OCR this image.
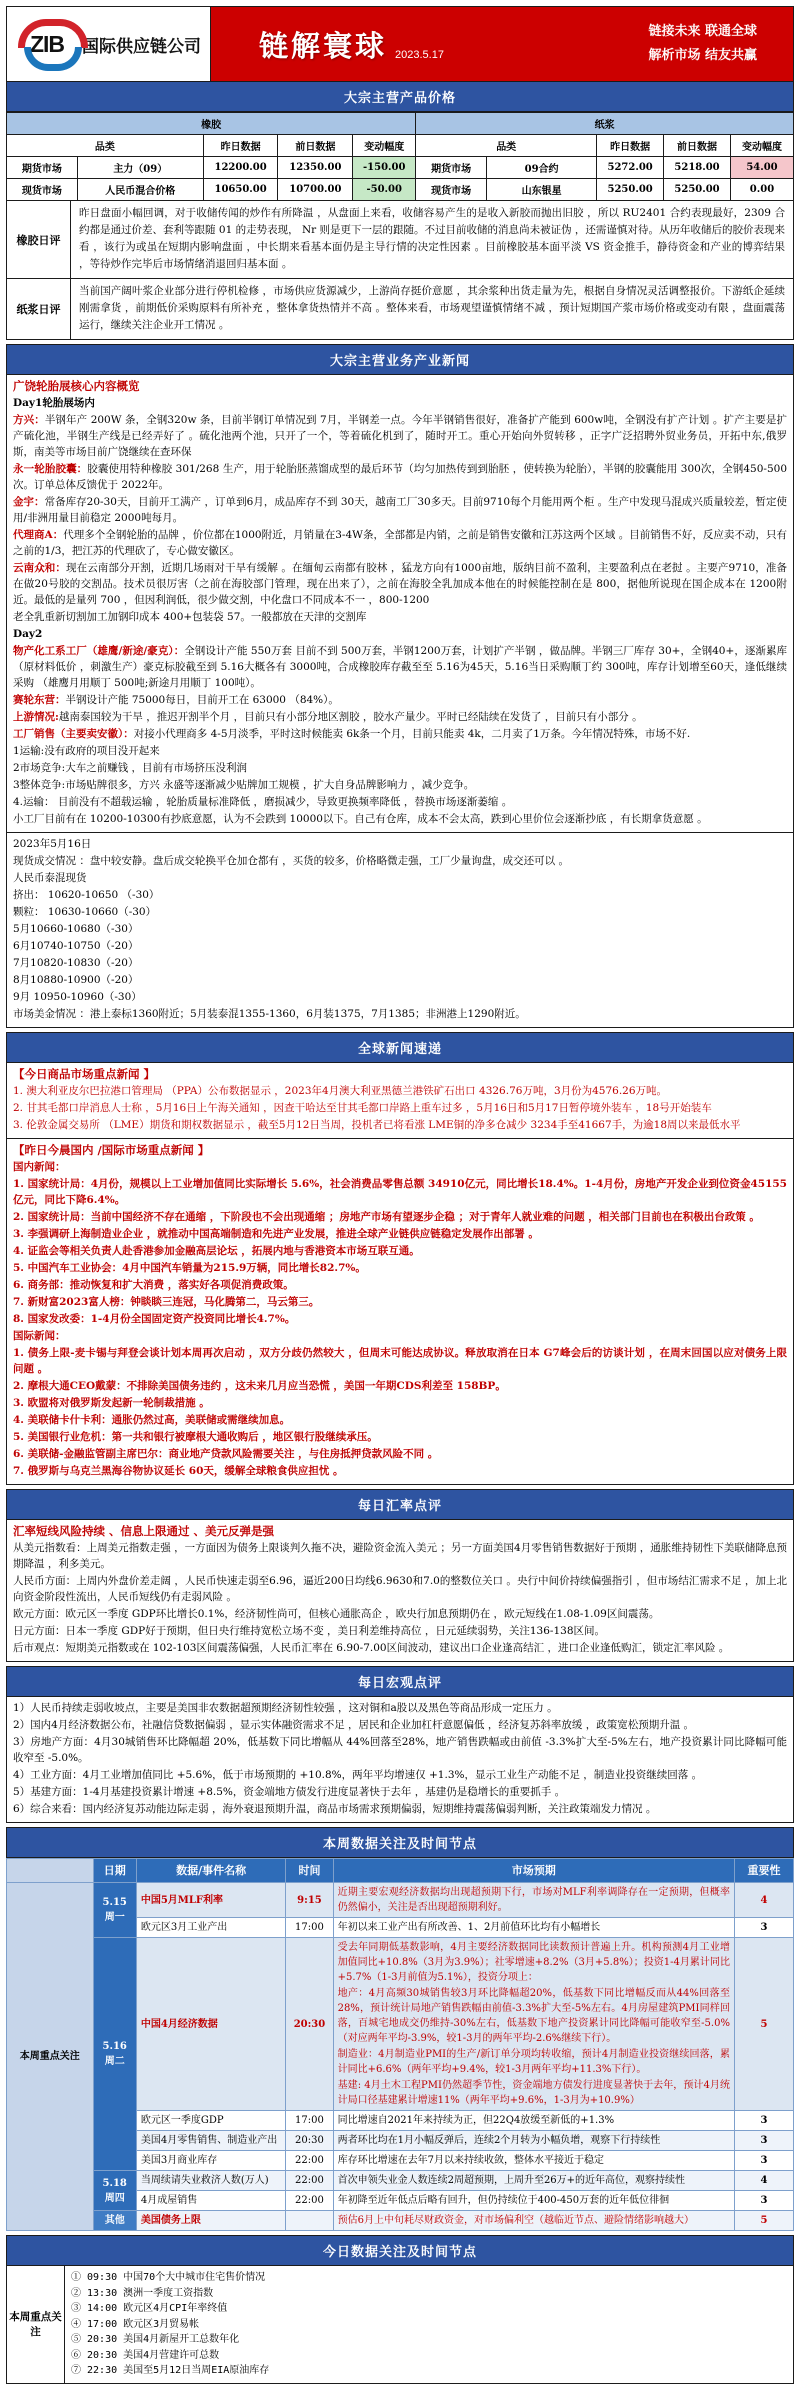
ZIB	国际供应链公司 链解寰球 2023.5.17
链接未来 联通全球
解析市场 结友共赢
大宗主营产品价格
橡胶					纸浆				
品类		昨日数据	前日数据	变动幅度	品类		昨日数据	前日数据	变动幅度
期货市场	主力（09）	12200.00	12350.00	-150.00	期货市场	09合约	5272.00	5218.00	54.00
现货市场	人民币混合价格	10650.00	10700.00	-50.00	现货市场	山东银星	5250.00	5250.00	0.00
橡胶日评
昨日盘面小幅回调，对于收储传闻的炒作有所降温 ，从盘面上来看，收储容易产生的是收入新胶而抛出旧胶 ，所以 RU2401 合约表现最好，2309 合约都是通过价差、套利等跟随 01 的走势表现， Nr 则是更下一层的跟随。不过目前收储的消息尚未被证伪 ，还需谨慎对待。从历年收储后的胶价表现来看 ，该行为或虽在短期内影响盘面 ，中长期来看基本面仍是主导行情的决定性因素 。目前橡胶基本面平淡 VS 资金推手，静待资金和产业的博弈结果 ，等待炒作完毕后市场情绪消退回归基本面 。
纸浆日评
当前国产阔叶浆企业部分进行停机检修 ，市场供应货源减少，上游尚存挺价意愿 ，其余浆种出货走量为先，根据自身情况灵活调整报价。下游纸企延续刚需拿货 ，前期低价采购原料有所补充 ，整体拿货热情并不高 。整体来看，市场观望谨慎情绪不减 ，预计短期国产浆市场价格或变动有限 ，盘面震荡运行，继续关注企业开工情况 。
大宗主营业务产业新闻

广饶轮胎展核心内容概览

Day1轮胎展场内

方兴：半钢年产 200W 条，全钢320w 条，目前半钢订单情况到 7月，半钢差一点。今年半钢销售很好，准备扩产能到 600w吨，全钢没有扩产计划 。扩产主要是扩产硫化池，半钢生产线是已经弄好了 。硫化池两个池，只开了一个，等着硫化机到了，随时开工。重心开始向外贸转移 ，正字广泛招聘外贸业务员，开拓中东,俄罗斯，南美等市场目前广饶继续在查环保

永一轮胎胶囊：胶囊使用特种橡胶 301/268 生产，用于轮胎胚蒸馏成型的最后环节（均匀加热传到到胎胚 ，使转换为轮胎），半钢的胶囊能用 300次，全钢450-500次。订单总体反馈优于 2022年。

金宇：常备库存20-30天，目前开工满产 ，订单到6月，成品库存不到 30天，越南工厂30多天。目前9710每个月能用两个柜 。生产中发现马混成兴质量较差，暂定使用/非洲用量目前稳定 2000吨每月。

代理商A：代理多个全钢轮胎的品牌 ，价位都在1000附近，月销量在3-4W条，全部都是内销，之前是销售安徽和江苏这两个区域 。目前销售不好，反应卖不动，只有之前的1/3，把江苏的代理砍了，专心做安徽区。

云南众和：现在云南部分开割，近期几场雨对干旱有缓解 。在缅甸云南都有胶林 ，猛龙方向有1000亩地，版纳目前不盈利，主要盈利点在老挝 。主要产9710，准备在做20号胶的交割品。技术员很厉害（之前在海胶部门管理，现在出来了），之前在海胶全乳加成本他在的时候能控制在是 800，据他所说现在国企成本在 1200附近。最低的是量列 700 ，但因利润低，很少做交割，中化盘口不同成本不一 ，800-1200

老全乳重新切割加工加钢印成本 400+包装袋 57。一般都放在天津的交割库

Day2

物产化工系工厂（雄鹰/新途/豪克）：全钢设计产能 550万套 目前不到 500万套，半钢1200万套，计划扩产半钢 ，做品牌。半钢三厂库存 30+，全钢40+，逐渐累库（原材料低价 ，刺激生产）豪克标胶截至到 5.16大概各有 3000吨，合成橡胶库存截至至 5.16为45天，5.16当日采购顺丁约 300吨，库存计划增至60天，逢低继续采购 （雄鹰月用顺丁 500吨;新途月用顺丁 100吨）。

赛轮东营：半钢设计产能 75000每日，目前开工在 63000 （84%）。

上游情况:越南泰国较为干旱 ，推迟开割半个月 ，目前只有小部分地区割胶 ，胶水产量少。平时已经陆续在发货了 ，目前只有小部分 。

工厂销售（主要卖安徽）：对接小代理商多 4-5月淡季，平时这时候能卖 6k条一个月，目前只能卖 4k，二月卖了1万条。今年情况特殊，市场不好.

1运输:没有政府的项目没开起来

2市场竞争:大车之前赚钱 ，目前有市场挤压没利润

3整体竞争:市场贴牌很多，方兴 永盛等逐渐减少贴牌加工规模 ，扩大自身品牌影响力 ，减少竞争。

4.运输： 目前没有不超载运输 ，轮胎质量标准降低 ，磨损减少，导致更换频率降低 ，替换市场逐渐萎缩 。

小工厂目前有在 10200-10300有抄底意愿，认为不会跌到 10000以下。自己有仓库，成本不会太高，跌到心里价位会逐渐抄底 ，有长期拿货意愿 。

2023年5月16日

现货成交情况 ：盘中较安静。盘后成交轮换平仓加仓都有 ，买货的较多，价格略微走强，工厂少量询盘，成交还可以 。

人民币泰混现货

挤出： 10620-10650 （-30）

颗粒： 10630-10660（-30）

5月10660-10680（-30）

6月10740-10750（-20）

7月10820-10830（-20）

8月10880-10900（-20）

9月 10950-10960（-30）

市场美金情况 ：港上泰标1360附近；5月装泰混1355-1360，6月装1375，7月1385；非洲港上1290附近。

全球新闻速递

【今日商品市场重点新闻 】

1. 澳大利亚皮尔巴拉港口管理局 （PPA）公布数据显示 ，2023年4月澳大利亚黑德兰港铁矿石出口 4326.76万吨，3月份为4576.26万吨。

2. 甘其毛都口岸消息人士称 ，5月16日上午海关通知 ，因查干哈达至甘其毛都口岸路上重车过多 ，5月16日和5月17日暂停境外装车 ，18号开始装车

3. 伦敦金属交易所 （LME）期货和期权数据显示 ，截至5月12日当周，投机者已将看涨 LME铜的净多仓减少 3234手至41667手，为逾18周以来最低水平

【昨日今晨国内 /国际市场重点新闻 】

国内新闻：

1. 国家统计局：4月份，规模以上工业增加值同比实际增长 5.6%，社会消费品零售总额 34910亿元，同比增长18.4%。1-4月份，房地产开发企业到位资金45155亿元，同比下降6.4%。

2. 国家统计局：当前中国经济不存在通缩 ，下阶段也不会出现通缩 ；房地产市场有望逐步企稳 ；对于青年人就业难的问题 ，相关部门目前也在积极出台政策 。

3. 李强调研上海制造业企业 ，就推动中国高端制造和先进产业发展，推进全球产业链供应链稳定发展作出部署 。

4. 证监会等相关负责人赴香港参加金融高层论坛 ，拓展内地与香港资本市场互联互通。

5. 中国汽车工业协会：4月中国汽车销量为215.9万辆，同比增长82.7%。

6. 商务部：推动恢复和扩大消费 ，落实好各项促消费政策。

7. 新财富2023富人榜：钟睒睒三连冠，马化腾第二，马云第三。

8. 国家发改委：1-4月份全国固定资产投资同比增长4.7%。

国际新闻：

1. 债务上限-麦卡锡与拜登会谈计划本周再次启动 ，双方分歧仍然较大 ，但周末可能达成协议。释放取消在日本 G7峰会后的访谈计划 ，在周末回国以应对债务上限问题 。

2. 摩根大通CEO戴蒙：不排除美国债务违约 ，这未来几月应当恐慌 ，美国一年期CDS利差至 158BP。

3. 欧盟将对俄罗斯发起新一轮制裁措施 。

4. 美联储卡什卡利：通胀仍然过高，美联储或需继续加息。

5. 美国银行业危机：第一共和银行被摩根大通收购后 ，地区银行股继续承压。

6. 美联储-金融监管副主席巴尔：商业地产贷款风险需要关注 ，与住房抵押贷款风险不同 。

7. 俄罗斯与乌克兰黑海谷物协议延长 60天，缓解全球粮食供应担忧 。

每日汇率点评

汇率短线风险持续 、信息上限通过 、美元反弹是强

从美元指数看：上周美元指数走强 ，一方面因为债务上限谈判久拖不决，避险资金流入美元 ；另一方面美国4月零售销售数据好于预期 ，通胀维持韧性下美联储降息预期降温 ，利多美元。

人民币方面：上周内外盘价差走阔 ，人民币快速走弱至6.96，逼近200日均线6.9630和7.0的整数位关口 。央行中间价持续偏强指引 ，但市场结汇需求不足 ，加上北向资金阶段性流出，人民币短线仍有走弱风险 。

欧元方面：欧元区一季度 GDP环比增长0.1%，经济韧性尚可，但核心通胀高企 ，欧央行加息预期仍在 ，欧元短线在1.08-1.09区间震荡。

日元方面：日本一季度 GDP好于预期，但日央行维持宽松立场不变 ，美日利差维持高位 ，日元延续弱势，关注136-138区间。

后市观点：短期美元指数或在 102-103区间震荡偏强，人民币汇率在 6.90-7.00区间波动，建议出口企业逢高结汇 ，进口企业逢低购汇，锁定汇率风险 。

每日宏观点评

1）人民币持续走弱收坡点，主要是美国非农数据超预期经济韧性较强 ，这对铜和a股以及黑色等商品形成一定压力 。

2）国内4月经济数据公布，社融信贷数据偏弱 ，显示实体融资需求不足 ，居民和企业加杠杆意愿偏低 ，经济复苏斜率放缓 ，政策宽松预期升温 。

3）房地产方面：4月30城销售环比降幅超 20%，低基数下同比增幅从 44%回落至28%，地产销售跌幅或由前值 -3.3%扩大至-5%左右，地产投资累计同比降幅可能收窄至 -5.0%。

4）工业方面：4月工业增加值同比 +5.6%，低于市场预期的 +10.8%，两年平均增速仅 +1.3%，显示工业生产动能不足 ，制造业投资继续回落 。

5）基建方面：1-4月基建投资累计增速 +8.5%，资金端地方债发行进度显著快于去年 ，基建仍是稳增长的重要抓手 。

6）综合来看：国内经济复苏动能边际走弱 ，海外衰退预期升温，商品市场需求预期偏弱，短期维持震荡偏弱判断，关注政策端发力情况 。

本周数据关注及时间节点
	日期	数据/事件名称	时间	市场预期	重要性
本周重点关注	5.15
周一	中国5月MLF利率	9:15	近期主要宏观经济数据均出现超预期下行，市场对MLF利率调降存在一定预期，但概率仍然偏小，关注是否出现超预期利好。	4
		欧元区3月工业产出	17:00	年初以来工业产出有所改善、1、2月前值环比均有小幅增长	3
5.16
周二	中国4月经济数据	20:30	
受去年同期低基数影响，4月主要经济数据同比读数预计普遍上升。机构预测4月工业增加值同比+10.8%（3月为3.9%）；社零增速+8.2%（3月+5.8%）；投资1-4月累计同比+5.7%（1-3月前值为5.1%），投资分项上：
地产：4月高频30城销售较3月环比降幅超20%，低基数下同比增幅反而从44%回落至28%，预计统计局地产销售跌幅由前值-3.3%扩大至-5%左右。4月房屋建筑PMI同样回落，百城宅地成交仍维持-30%左右，低基数下地产投资累计同比降幅可能收窄至-5.0%（对应两年平均-3.9%，较1-3月的两年平均-2.6%继续下行）。
制造业：4月制造业PMI的生产/新订单分项均转收缩，预计4月制造业投资继续回落，累计同比+6.6%（两年平均+9.4%，较1-3月两年平均+11.3%下行）。
基建: 4月土木工程PMI仍然超季节性，资金端地方债发行进度显著快于去年，预计4月统计局口径基建累计增速11%（两年平均+9.6%，1-3月为+10.9%）
	5
		欧元区一季度GDP	17:00	同比增速自2021年来持续为正，但22Q4放缓至新低的+1.3%	3
		美国4月零售销售、制造业产出	20:30	两者环比均在1月小幅反弹后，连续2个月转为小幅负增，观察下行持续性	3
		美国3月商业库存	22:00	库存环比增速在去年7月以来持续收敛，整体水平接近于稳定	3
	5.18
周四	当周续请失业救济人数(万人)	22:00	首次申领失业金人数连续2周超预期，上周升至26万+的近年高位，观察持续性	4
		4月成屋销售	22:00	年初降至近年低点后略有回升，但仍持续位于400-450万套的近年低位徘徊	3
	其他	美国债务上限		预估6月上中旬耗尽财政资金，对市场偏利空（越临近节点、避险情绪影响越大）	5
今日数据关注及时间节点
本周重点关注
① 09:30 中国70个大中城市住宅售价情况
② 13:30 澳洲一季度工资指数
③ 14:00 欧元区4月CPI年率终值
④ 17:00 欧元区3月贸易帐
⑤ 20:30 美国4月新屋开工总数年化
⑥ 20:30 美国4月营建许可总数
⑦ 22:30 美国至5月12日当周EIA原油库存
